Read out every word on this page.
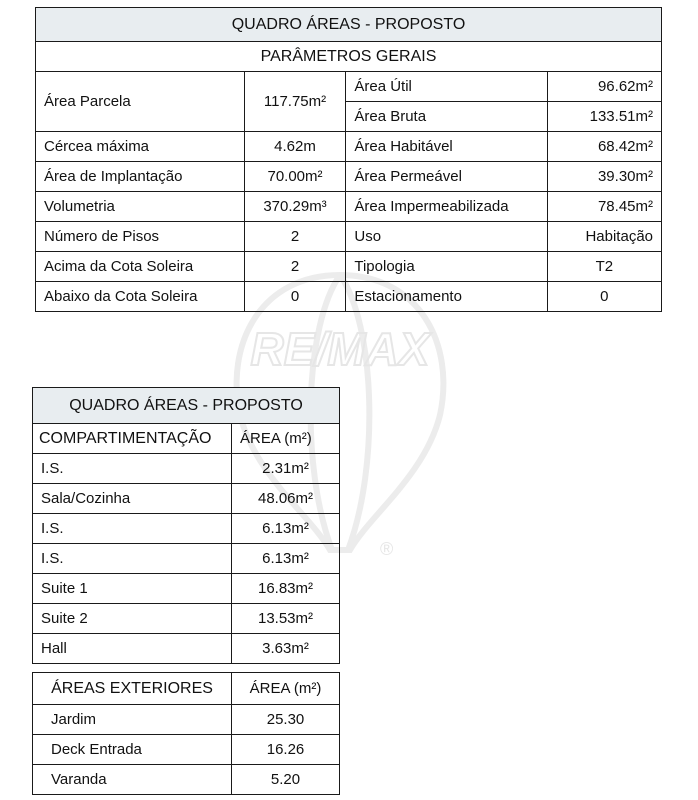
RE/MAX
®
QUADRO ÁREAS - PROPOSTO			
PARÂMETROS GERAIS			
Área Parcela	117.75m²	Área Útil	96.62m²
		Área Bruta	133.51m²
Cércea máxima	4.62m	Área Habitável	68.42m²
Área de Implantação	70.00m²	Área Permeável	39.30m²
Volumetria	370.29m³	Área Impermeabilizada	78.45m²
Número de Pisos	2	Uso	Habitação
Acima da Cota Soleira	2	Tipologia	T2
Abaixo da Cota Soleira	0	Estacionamento	0
QUADRO ÁREAS - PROPOSTO	
COMPARTIMENTAÇÃO	ÁREA (m²)
I.S.	2.31m²
Sala/Cozinha	48.06m²
I.S.	6.13m²
I.S.	6.13m²
Suite 1	16.83m²
Suite 2	13.53m²
Hall	3.63m²
ÁREAS EXTERIORES	ÁREA (m²)
Jardim	25.30
Deck Entrada	16.26
Varanda	5.20
